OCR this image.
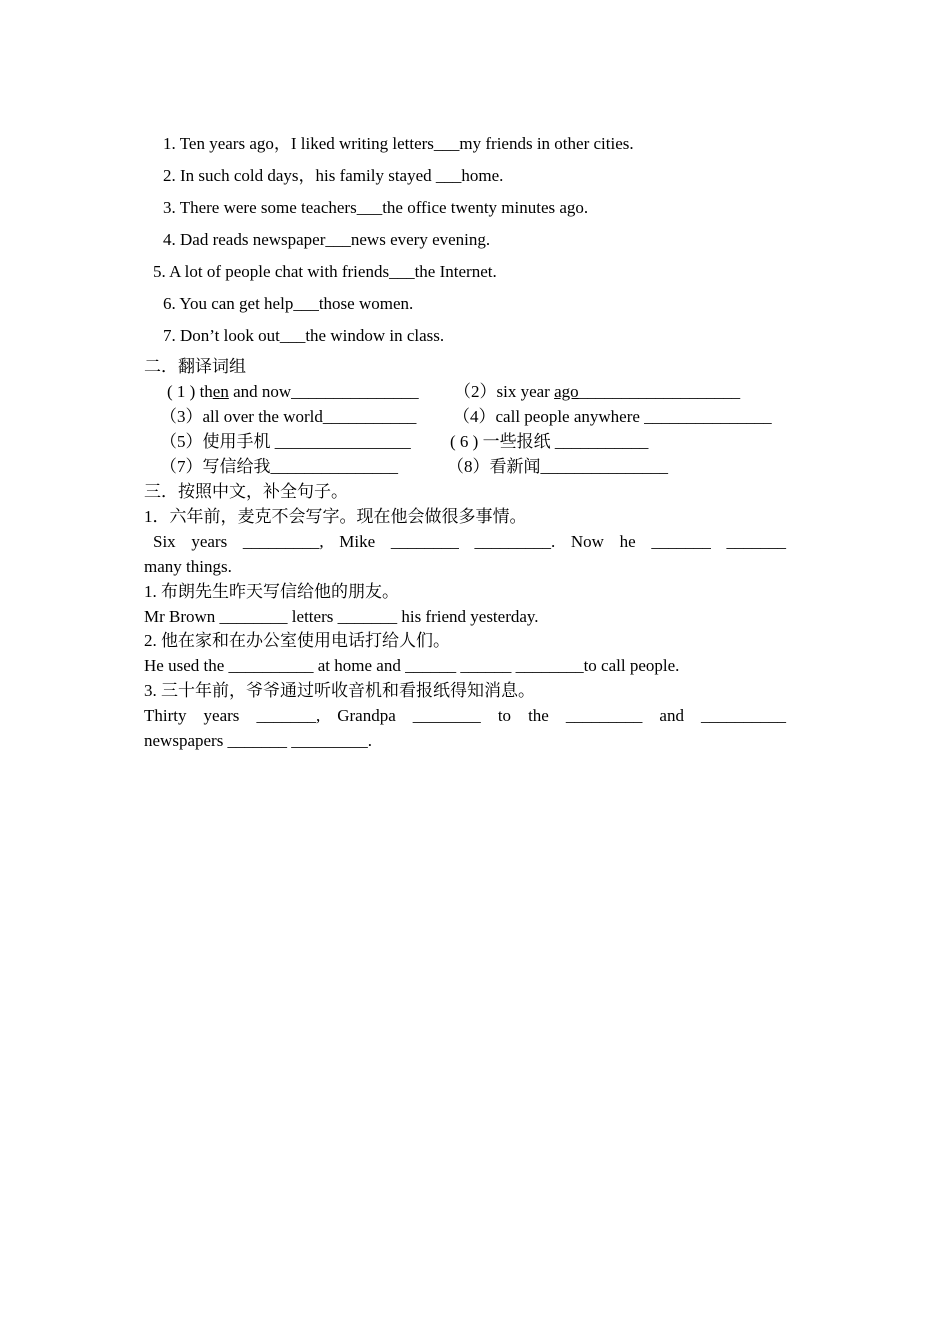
1. Ten years ago，I liked writing letters___my friends in other cities.
2. In such cold days，his family stayed ___home.
3. There were some teachers___the office twenty minutes ago.
4. Dad reads newspaper___news every evening.
5. A lot of people chat with friends___the Internet.
6. You can get help___those women.
7. Don’t look out___the window in class.
二．翻译词组
( 1 ) then and now_______________ （2）six year ago___________________
（3）all over the world___________ （4）call people anywhere _______________
（5）使用手机 ________________ ( 6 ) 一些报纸 ___________
（7）写信给我_______________	（8）看新闻_______________
三．按照中文，补全句子。
1．六年前，麦克不会写字。现在他会做很多事情。
Six years _________, Mike ________ _________. Now he _______ _______
many things.
1. 布朗先生昨天写信给他的朋友。
Mr Brown ________ letters _______ his friend yesterday.
2. 他在家和在办公室使用电话打给人们。
He used the __________ at home and ______ ______ ________to call people.
3. 三十年前，爷爷通过听收音机和看报纸得知消息。
Thirty years _______, Grandpa ________ to the _________ and __________
newspapers _______ _________.
